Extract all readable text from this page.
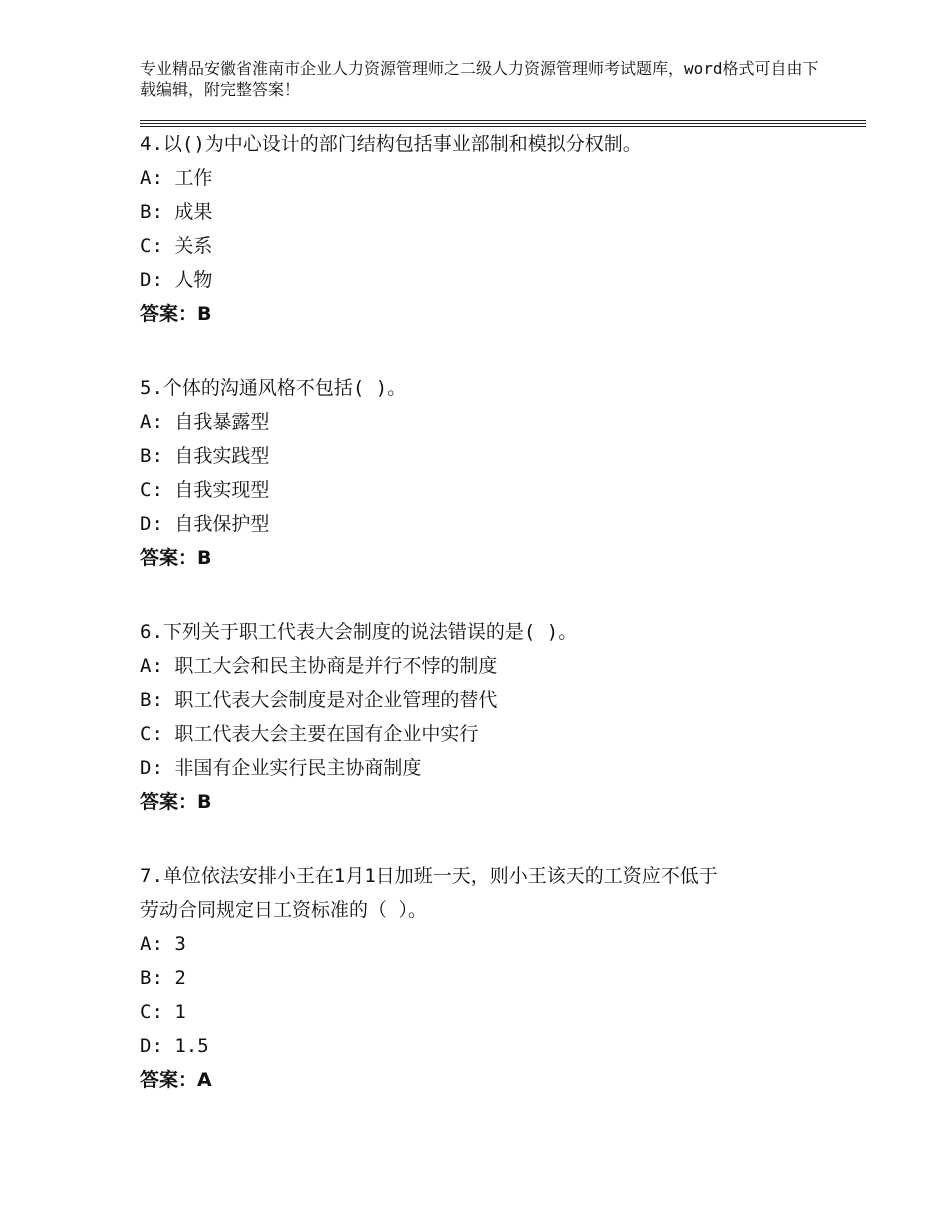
专业精品安徽省淮南市企业人力资源管理师之二级人力资源管理师考试题库，word格式可自由下载编辑，附完整答案！
4.以()为中心设计的部门结构包括事业部制和模拟分权制。
A: 工作
B: 成果
C: 关系
D: 人物
答案：B
5.个体的沟通风格不包括( )。
A: 自我暴露型
B: 自我实践型
C: 自我实现型
D: 自我保护型
答案：B
6.下列关于职工代表大会制度的说法错误的是( )。
A: 职工大会和民主协商是并行不悖的制度
B: 职工代表大会制度是对企业管理的替代
C: 职工代表大会主要在国有企业中实行
D: 非国有企业实行民主协商制度
答案：B
7.单位依法安排小王在1月1日加班一天，则小王该天的工资应不低于
劳动合同规定日工资标准的（ ）。
A: 3
B: 2
C: 1
D: 1.5
答案：A
